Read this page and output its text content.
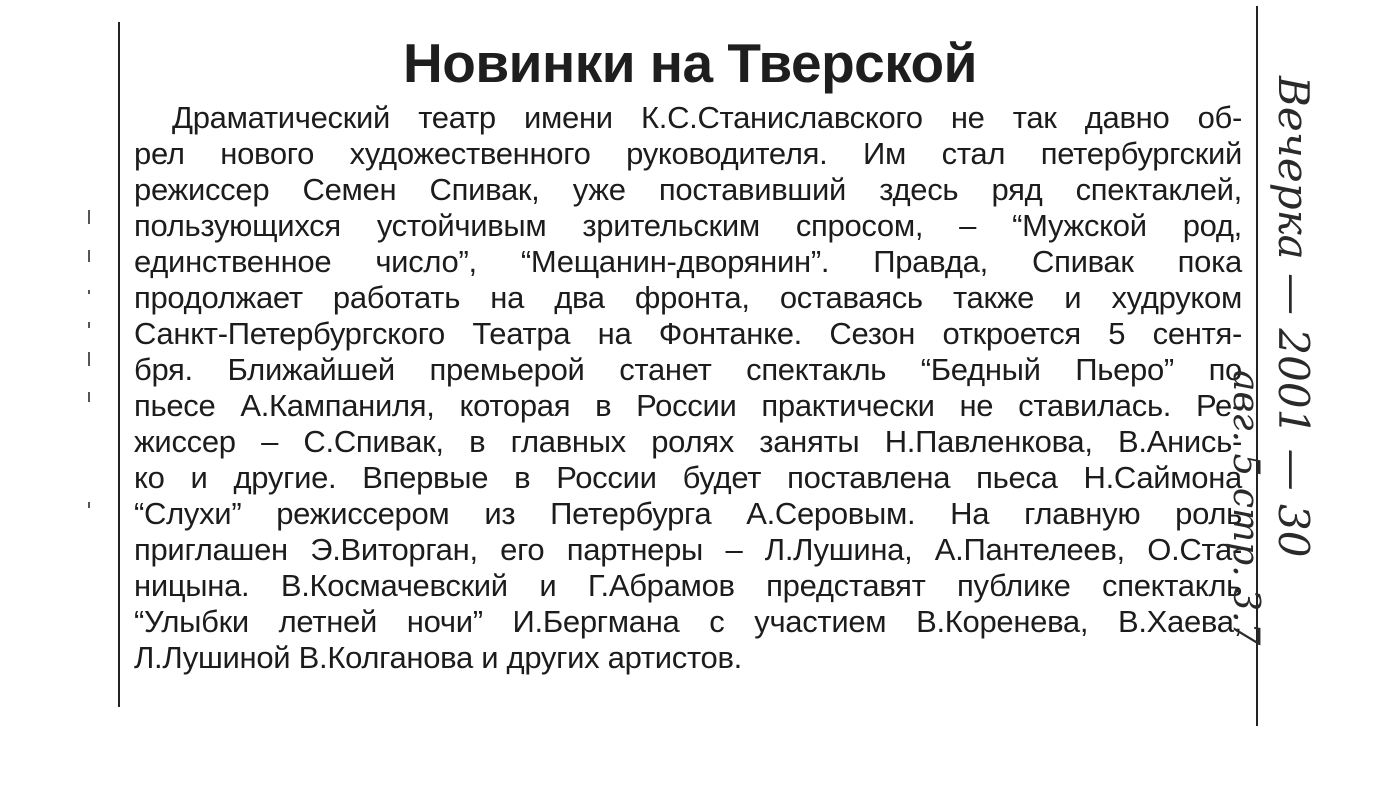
Новинки на Тверской
Драматический театр имени К.С.Станиславского не так давно об-
рел нового художественного руководителя. Им стал петербургский
режиссер Семен Спивак, уже поставивший здесь ряд спектаклей,
пользующихся устойчивым зрительским спросом, – “Мужской род,
единственное число”, “Мещанин-дворянин”. Правда, Спивак пока
продолжает работать на два фронта, оставаясь также и худруком
Санкт-Петербургского Театра на Фонтанке. Сезон откроется 5 сентя-
бря. Ближайшей премьерой станет спектакль “Бедный Пьеро” по
пьесе А.Кампаниля, которая в России практически не ставилась. Ре-
жиссер – С.Спивак, в главных ролях заняты Н.Павленкова, В.Анись-
ко и другие. Впервые в России будет поставлена пьеса Н.Саймона
“Слухи” режиссером из Петербурга А.Серовым. На главную роль
приглашен Э.Виторган, его партнеры – Л.Лушина, А.Пантелеев, О.Ста-
ницына. В.Космачевский и Г.Абрамов представят публике спектакль
“Улыбки летней ночи” И.Бергмана с участием В.Коренева, В.Хаева,
Л.Лушиной В.Колганова и других артистов.
Вечерка — 2001 — 30
авг. 5 стр. 3.7
